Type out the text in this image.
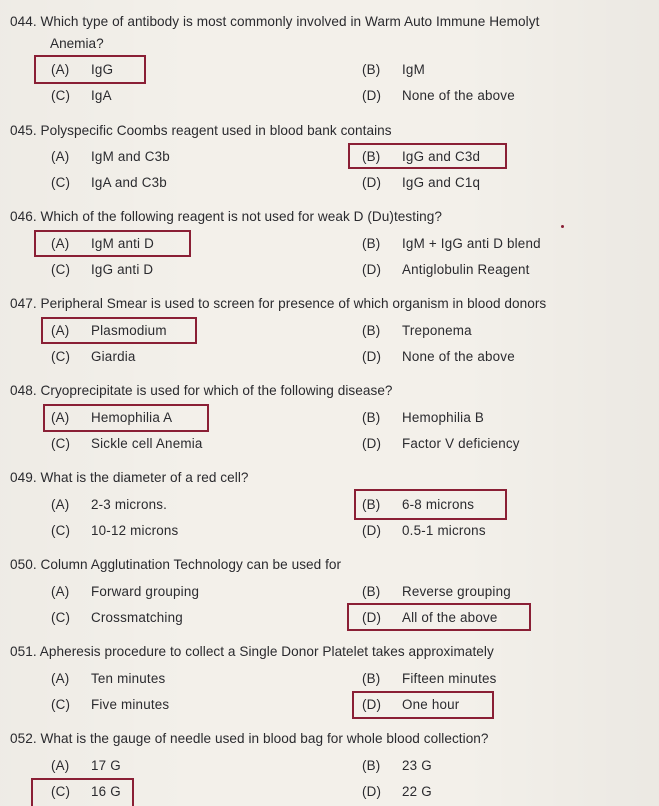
044. Which type of antibody is most commonly involved in Warm Auto Immune Hemolyt
Anemia?
(A) IgG	(B) IgM
(C) IgA	(D) None of the above
045. Polyspecific Coombs reagent used in blood bank contains
(A) IgM and C3b	(B) IgG and C3d
(C) IgA and C3b	(D) IgG and C1q
046. Which of the following reagent is not used for weak D (Du)testing?
(A) IgM anti D	(B) IgM + IgG anti D blend
(C) IgG anti D	(D) Antiglobulin Reagent
047. Peripheral Smear is used to screen for presence of which organism in blood donors
(A) Plasmodium	(B) Treponema
(C) Giardia	(D) None of the above
048. Cryoprecipitate is used for which of the following disease?
(A) Hemophilia A	(B) Hemophilia B
(C) Sickle cell Anemia	(D) Factor V deficiency
049. What is the diameter of a red cell?
(A) 2-3 microns.	(B) 6-8 microns
(C) 10-12 microns	(D) 0.5-1 microns
050. Column Agglutination Technology can be used for
(A) Forward grouping	(B) Reverse grouping
(C) Crossmatching	(D) All of the above
051. Apheresis procedure to collect a Single Donor Platelet takes approximately
(A) Ten minutes	(B) Fifteen minutes
(C) Five minutes	(D) One hour
052. What is the gauge of needle used in blood bag for whole blood collection?
(A) 17 G	(B) 23 G
(C) 16 G	(D) 22 G
